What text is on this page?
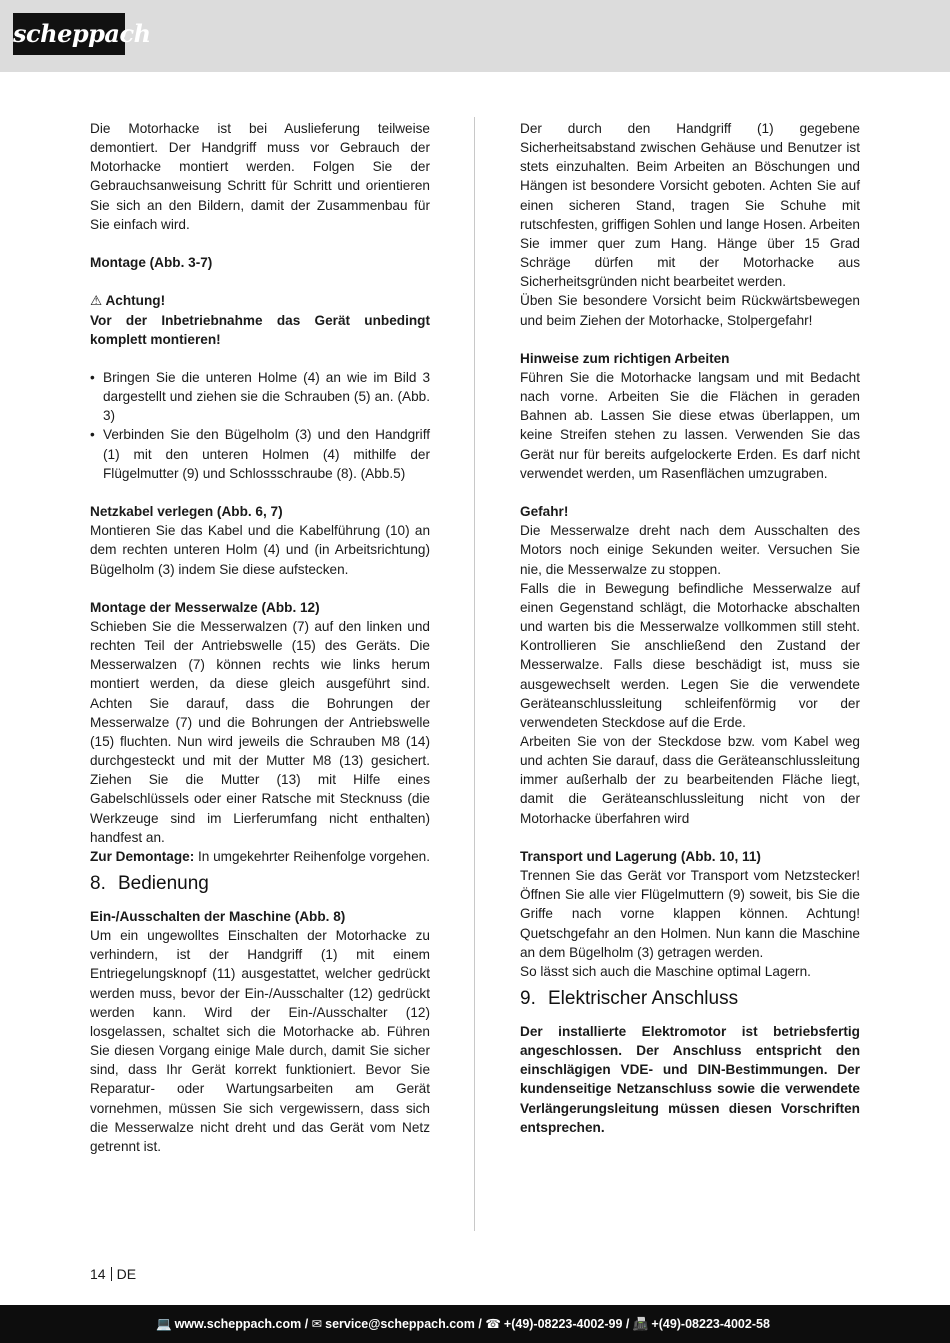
scheppach

Die Motorhacke ist bei Auslieferung teilweise demontiert. Der Handgriff muss vor Gebrauch der Motorhacke montiert werden. Folgen Sie der Gebrauchsanweisung Schritt für Schritt und orientieren Sie sich an den Bildern, damit der Zusammenbau für Sie einfach wird.

Montage (Abb. 3-7)

⚠ Achtung!

Vor der Inbetriebnahme das Gerät unbedingt komplett montieren!

• Bringen Sie die unteren Holme (4) an wie im Bild 3 dargestellt und ziehen sie die Schrauben (5) an. (Abb. 3)
• Verbinden Sie den Bügelholm (3) und den Handgriff (1) mit den unteren Holmen (4) mithilfe der Flügelmutter (9) und Schlossschraube (8). (Abb.5)

Netzkabel verlegen (Abb. 6, 7)

Montieren Sie das Kabel und die Kabelführung (10) an dem rechten unteren Holm (4) und (in Arbeitsrichtung) Bügelholm (3) indem Sie diese aufstecken.

Montage der Messerwalze (Abb. 12)

Schieben Sie die Messerwalzen (7) auf den linken und rechten Teil der Antriebswelle (15) des Geräts. Die Messerwalzen (7) können rechts wie links herum montiert werden, da diese gleich ausgeführt sind. Achten Sie darauf, dass die Bohrungen der Messerwalze (7) und die Bohrungen der Antriebswelle (15) fluchten. Nun wird jeweils die Schrauben M8 (14) durchgesteckt und mit der Mutter M8 (13) gesichert. Ziehen Sie die Mutter (13) mit Hilfe eines Gabelschlüssels oder einer Ratsche mit Stecknuss (die Werkzeuge sind im Lierferumfang nicht enthalten) handfest an.

Zur Demontage: In umgekehrter Reihenfolge vorgehen.

8. Bedienung

Ein-/Ausschalten der Maschine (Abb. 8)

Um ein ungewolltes Einschalten der Motorhacke zu verhindern, ist der Handgriff (1) mit einem Entriegelungsknopf (11) ausgestattet, welcher gedrückt werden muss, bevor der Ein-/Ausschalter (12) gedrückt werden kann. Wird der Ein-/Ausschalter (12) losgelassen, schaltet sich die Motorhacke ab. Führen Sie diesen Vorgang einige Male durch, damit Sie sicher sind, dass Ihr Gerät korrekt funktioniert. Bevor Sie Reparatur- oder Wartungsarbeiten am Gerät vornehmen, müssen Sie sich vergewissern, dass sich die Messerwalze nicht dreht und das Gerät vom Netz getrennt ist.

Der durch den Handgriff (1) gegebene Sicherheitsabstand zwischen Gehäuse und Benutzer ist stets einzuhalten. Beim Arbeiten an Böschungen und Hängen ist besondere Vorsicht geboten. Achten Sie auf einen sicheren Stand, tragen Sie Schuhe mit rutschfesten, griffigen Sohlen und lange Hosen. Arbeiten Sie immer quer zum Hang. Hänge über 15 Grad Schräge dürfen mit der Motorhacke aus Sicherheitsgründen nicht bearbeitet werden.

Üben Sie besondere Vorsicht beim Rückwärtsbewegen und beim Ziehen der Motorhacke, Stolpergefahr!

Hinweise zum richtigen Arbeiten

Führen Sie die Motorhacke langsam und mit Bedacht nach vorne. Arbeiten Sie die Flächen in geraden Bahnen ab. Lassen Sie diese etwas überlappen, um keine Streifen stehen zu lassen. Verwenden Sie das Gerät nur für bereits aufgelockerte Erden. Es darf nicht verwendet werden, um Rasenflächen umzugraben.

Gefahr!

Die Messerwalze dreht nach dem Ausschalten des Motors noch einige Sekunden weiter. Versuchen Sie nie, die Messerwalze zu stoppen.

Falls die in Bewegung befindliche Messerwalze auf einen Gegenstand schlägt, die Motorhacke abschalten und warten bis die Messerwalze vollkommen still steht. Kontrollieren Sie anschließend den Zustand der Messerwalze. Falls diese beschädigt ist, muss sie ausgewechselt werden. Legen Sie die verwendete Geräteanschlussleitung schleifenförmig vor der verwendeten Steckdose auf die Erde.

Arbeiten Sie von der Steckdose bzw. vom Kabel weg und achten Sie darauf, dass die Geräteanschlussleitung immer außerhalb der zu bearbeitenden Fläche liegt, damit die Geräteanschlussleitung nicht von der Motorhacke überfahren wird

Transport und Lagerung (Abb. 10, 11)

Trennen Sie das Gerät vor Transport vom Netzstecker! Öffnen Sie alle vier Flügelmuttern (9) soweit, bis Sie die Griffe nach vorne klappen können. Achtung! Quetschgefahr an den Holmen. Nun kann die Maschine an dem Bügelholm (3) getragen werden.

So lässt sich auch die Maschine optimal Lagern.

9. Elektrischer Anschluss

Der installierte Elektromotor ist betriebsfertig angeschlossen. Der Anschluss entspricht den einschlägigen VDE- und DIN-Bestimmungen. Der kundenseitige Netzanschluss sowie die verwendete Verlängerungsleitung müssen diesen Vorschriften entsprechen.

14 DE
💻 www.scheppach.com / ✉ service@scheppach.com / ☎ +(49)-08223-4002-99 / 📠 +(49)-08223-4002-58
